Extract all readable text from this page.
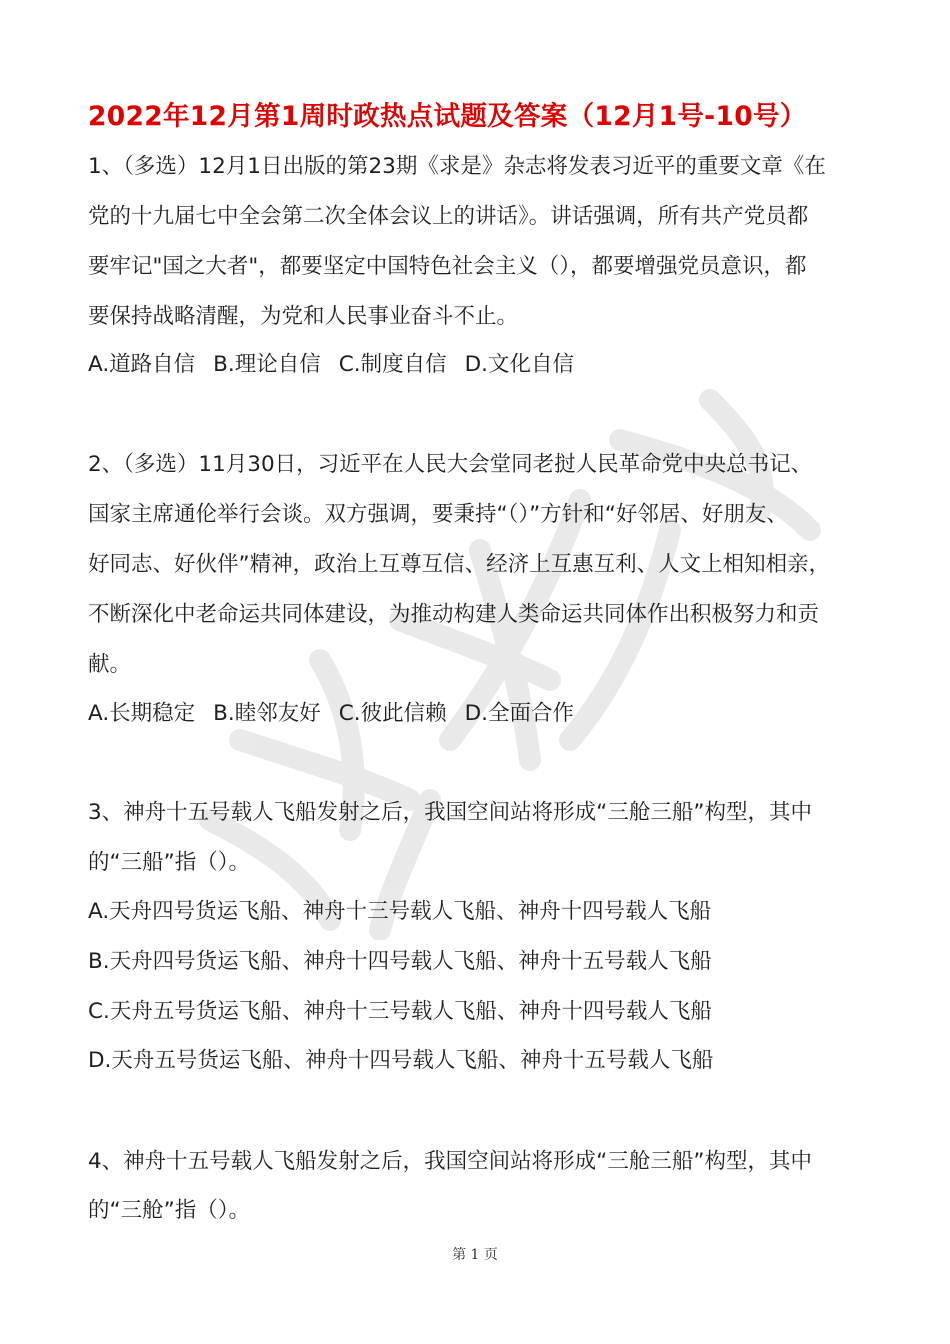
2022年12月第1周时政热点试题及答案（12月1号-10号）
1、（多选）12月1日出版的第23期《求是》杂志将发表习近平的重要文章《在
党的十九届七中全会第二次全体会议上的讲话》。讲话强调，所有共产党员都
要牢记"国之大者"，都要坚定中国特色社会主义（），都要增强党员意识，都
要保持战略清醒，为党和人民事业奋斗不止。
A.道路自信 B.理论自信 C.制度自信 D.文化自信
2、（多选）11月30日，习近平在人民大会堂同老挝人民革命党中央总书记、
国家主席通伦举行会谈。双方强调，要秉持“（）”方针和“好邻居、好朋友、
好同志、好伙伴”精神，政治上互尊互信、经济上互惠互利、人文上相知相亲，
不断深化中老命运共同体建设，为推动构建人类命运共同体作出积极努力和贡
献。
A.长期稳定 B.睦邻友好 C.彼此信赖 D.全面合作
3、神舟十五号载人飞船发射之后，我国空间站将形成“三舱三船”构型，其中
的“三船”指（）。
A.天舟四号货运飞船、神舟十三号载人飞船、神舟十四号载人飞船
B.天舟四号货运飞船、神舟十四号载人飞船、神舟十五号载人飞船
C.天舟五号货运飞船、神舟十三号载人飞船、神舟十四号载人飞船
D.天舟五号货运飞船、神舟十四号载人飞船、神舟十五号载人飞船
4、神舟十五号载人飞船发射之后，我国空间站将形成“三舱三船”构型，其中
的“三舱”指（）。
第 1 页
